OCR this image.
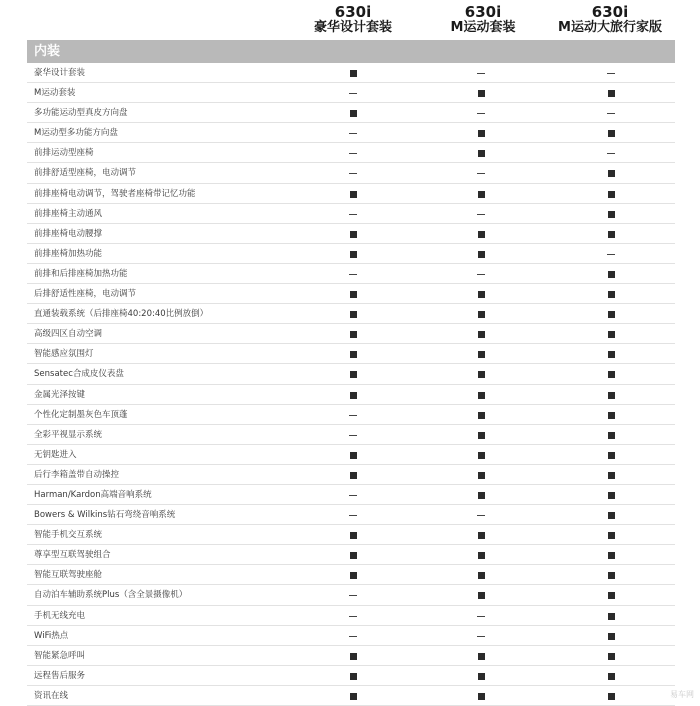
630i
豪华设计套装
630i
M运动套装
630i
M运动大旅行家版
内装
豪华设计套装
M运动套装
多功能运动型真皮方向盘
M运动型多功能方向盘
前排运动型座椅
前排舒适型座椅，电动调节
前排座椅电动调节，驾驶者座椅带记忆功能
前排座椅主动通风
前排座椅电动腰撑
前排座椅加热功能
前排和后排座椅加热功能
后排舒适性座椅，电动调节
直通装载系统（后排座椅40:20:40比例放倒）
高级四区自动空调
智能感应氛围灯
Sensatec合成皮仪表盘
金属光泽按键
个性化定制墨灰色车顶蓬
全彩平视显示系统
无钥匙进入
后行李箱盖带自动操控
Harman/Kardon高端音响系统
Bowers & Wilkins钻石弯绕音响系统
智能手机交互系统
尊享型互联驾驶组合
智能互联驾驶座舱
自动泊车辅助系统Plus（含全景摄像机）
手机无线充电
WiFi热点
智能紧急呼叫
远程售后服务
资讯在线	易车网
